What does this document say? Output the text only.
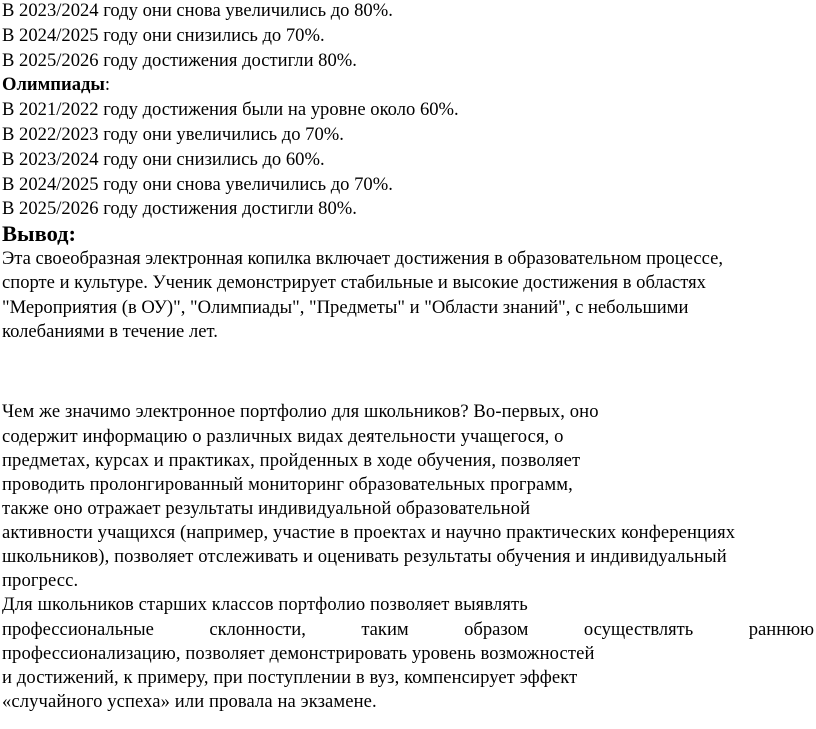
В 2023/2024 году они снова увеличились до 80%.

В 2024/2025 году они снизились до 70%.

В 2025/2026 году достижения достигли 80%.

Олимпиады:

В 2021/2022 году достижения были на уровне около 60%.

В 2022/2023 году они увеличились до 70%.

В 2023/2024 году они снизились до 60%.

В 2024/2025 году они снова увеличились до 70%.

В 2025/2026 году достижения достигли 80%.

Вывод:

Эта своеобразная электронная копилка включает достижения в образовательном процессе,

спорте и культуре. Ученик демонстрирует стабильные и высокие достижения в областях

"Мероприятия (в ОУ)", "Олимпиады", "Предметы" и "Области знаний", с небольшими

колебаниями в течение лет.

Чем же значимо электронное портфолио для школьников? Во-первых, оно

содержит информацию о различных видах деятельности учащегося, о

предметах, курсах и практиках, пройденных в ходе обучения, позволяет

проводить пролонгированный мониторинг образовательных программ,

также оно отражает результаты индивидуальной образовательной

активности учащихся (например, участие в проектах и научно практических конференциях

школьников), позволяет отслеживать и оценивать результаты обучения и индивидуальный

прогресс.

Для школьников старших классов портфолио позволяет выявлять

профессиональные	склонности,	таким	образом	осуществлять	раннюю

профессионализацию, позволяет демонстрировать уровень возможностей

и достижений, к примеру, при поступлении в вуз, компенсирует эффект

«случайного успеха» или провала на экзамене.
